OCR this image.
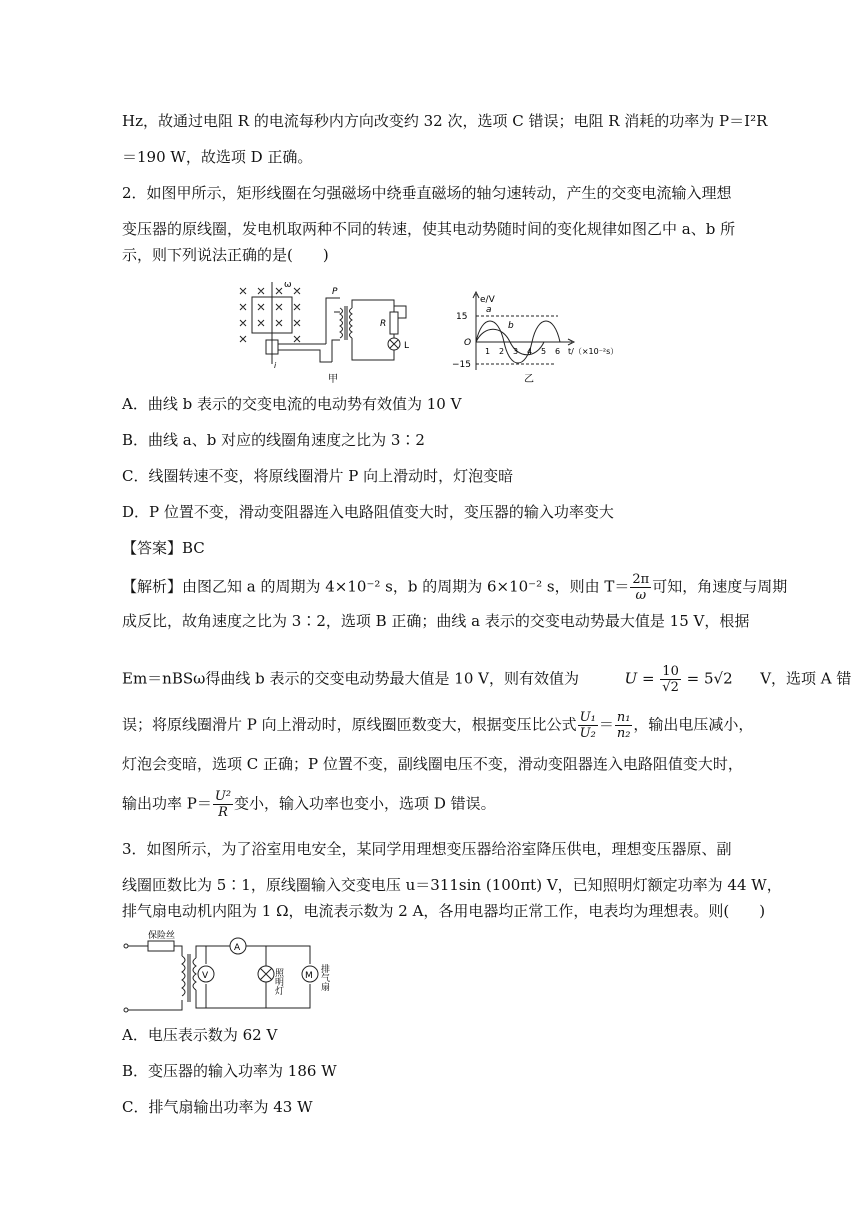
Hz，故通过电阻 R 的电流每秒内方向改变约 32 次，选项 C 错误；电阻 R 消耗的功率为 P＝I²R
＝190 W，故选项 D 正确。
2．如图甲所示，矩形线圈在匀强磁场中绕垂直磁场的轴匀速转动，产生的交变电流输入理想
变压器的原线圈，发电机取两种不同的转速，使其电动势随时间的变化规律如图乙中 a、b 所
示，则下列说法正确的是(　　)
ω
P
R
L
i
甲
e/V
15
−15
O
a
b
1 2 3 4 5 6 t/（×10⁻²s）
乙
A．曲线 b 表示的交变电流的电动势有效值为 10 V
B．曲线 a、b 对应的线圈角速度之比为 3∶2
C．线圈转速不变，将原线圈滑片 P 向上滑动时，灯泡变暗
D．P 位置不变，滑动变阻器连入电路阻值变大时，变压器的输入功率变大
【答案】BC
【解析】由图乙知 a 的周期为 4×10⁻² s，b 的周期为 6×10⁻² s，则由 $T= \frac{2\pi}{\omega}$ 可知，角速度与周期
成反比，故角速度之比为 3∶2，选项 B 正确；曲线 a 表示的交变电动势最大值是 15 V，根据
Em＝nBSω得曲线 b 表示的交变电动势最大值是 10 V，则有效值为	$U = \frac{10}{√2} = 5√2$ V，选项 A 错
误；将原线圈滑片 P 向上滑动时，原线圈匝数变大，根据变压比公式 $\frac{\text{U₁}}{\text{U₂}} = \frac{\text{n₁}}{\text{n₂}}$ ，输出电压减小，
灯泡会变暗，选项 C 正确；P 位置不变，副线圈电压不变，滑动变阻器连入电路阻值变大时，
输出功率 $P= \frac{\text{U²}}{R}$ 变小，输入功率也变小，选项 D 错误。
3．如图所示，为了浴室用电安全，某同学用理想变压器给浴室降压供电，理想变压器原、副
线圈匝数比为 5∶1，原线圈输入交变电压 u＝311sin (100πt) V，已知照明灯额定功率为 44 W，
排气扇电动机内阻为 1 Ω，电流表示数为 2 A，各用电器均正常工作，电表均为理想表。则(　　)
保险丝
A
V	M
照明灯	排气扇
A．电压表示数为 62 V
B．变压器的输入功率为 186 W
C．排气扇输出功率为 43 W
